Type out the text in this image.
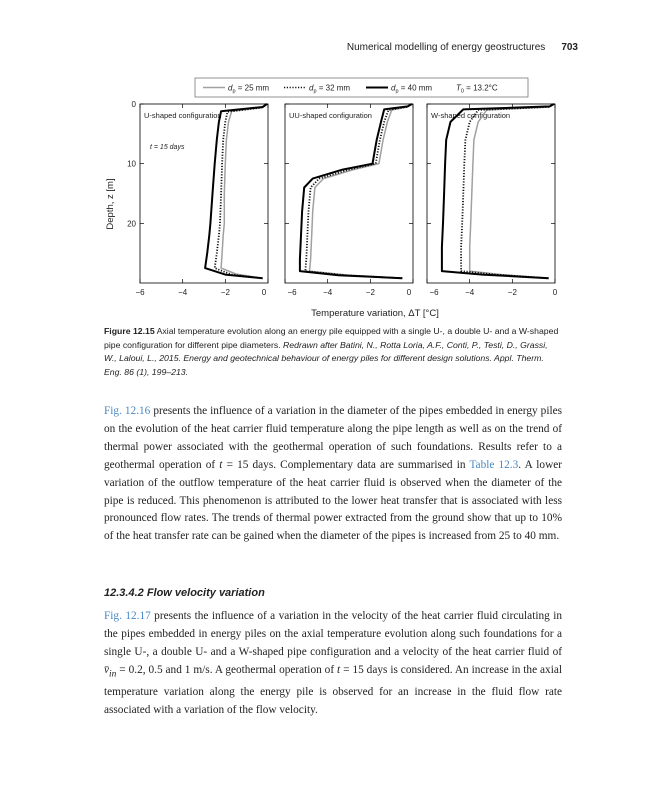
Numerical modelling of energy geostructures 703
$d_p = 25$ mm	$d_p = 32$ mm	$d_p = 40$ mm	$T_0 = 13.2^\circ C$
Depth, z [m]
Temperature variation, ΔT [°C]
t = 15 days
U-shaped configuration
−6	−4	−2	0
0
10
20
UU-shaped configuration
−6	−4	−2	0
W-shaped configuration
−6	−4	−2	0
Figure 12.15 Axial temperature evolution along an energy pile equipped with a single U-, a double U- and a W-shaped pipe configuration for different pipe diameters. Redrawn after Batini, N., Rotta Loria, A.F., Conti, P., Testi, D., Grassi, W., Laloui, L., 2015. Energy and geotechnical behaviour of energy piles for different design solutions. Appl. Therm. Eng. 86 (1), 199–213.
Fig. 12.16 presents the influence of a variation in the diameter of the pipes embedded in energy piles on the evolution of the heat carrier fluid temperature along the pipe length as well as on the trend of thermal power associated with the geothermal operation of such foundations. Results refer to a geothermal operation of t = 15 days. Complementary data are summarised in Table 12.3. A lower variation of the outflow temperature of the heat carrier fluid is observed when the diameter of the pipe is reduced. This phenomenon is attributed to the lower heat transfer that is associated with less pronounced flow rates. The trends of thermal power extracted from the ground show that up to 10% of the heat transfer rate can be gained when the diameter of the pipes is increased from 25 to 40 mm.
12.3.4.2 Flow velocity variation
Fig. 12.17 presents the influence of a variation in the velocity of the heat carrier fluid circulating in the pipes embedded in energy piles on the axial temperature evolution along such foundations for a single U-, a double U- and a W-shaped pipe configuration and a velocity of the heat carrier fluid of $v̄_{in} = 0.2$, 0.5 and 1 m/s. A geothermal operation of t = 15 days is considered. An increase in the axial temperature variation along the energy pile is observed for an increase in the fluid flow rate associated with a variation of the flow velocity.
